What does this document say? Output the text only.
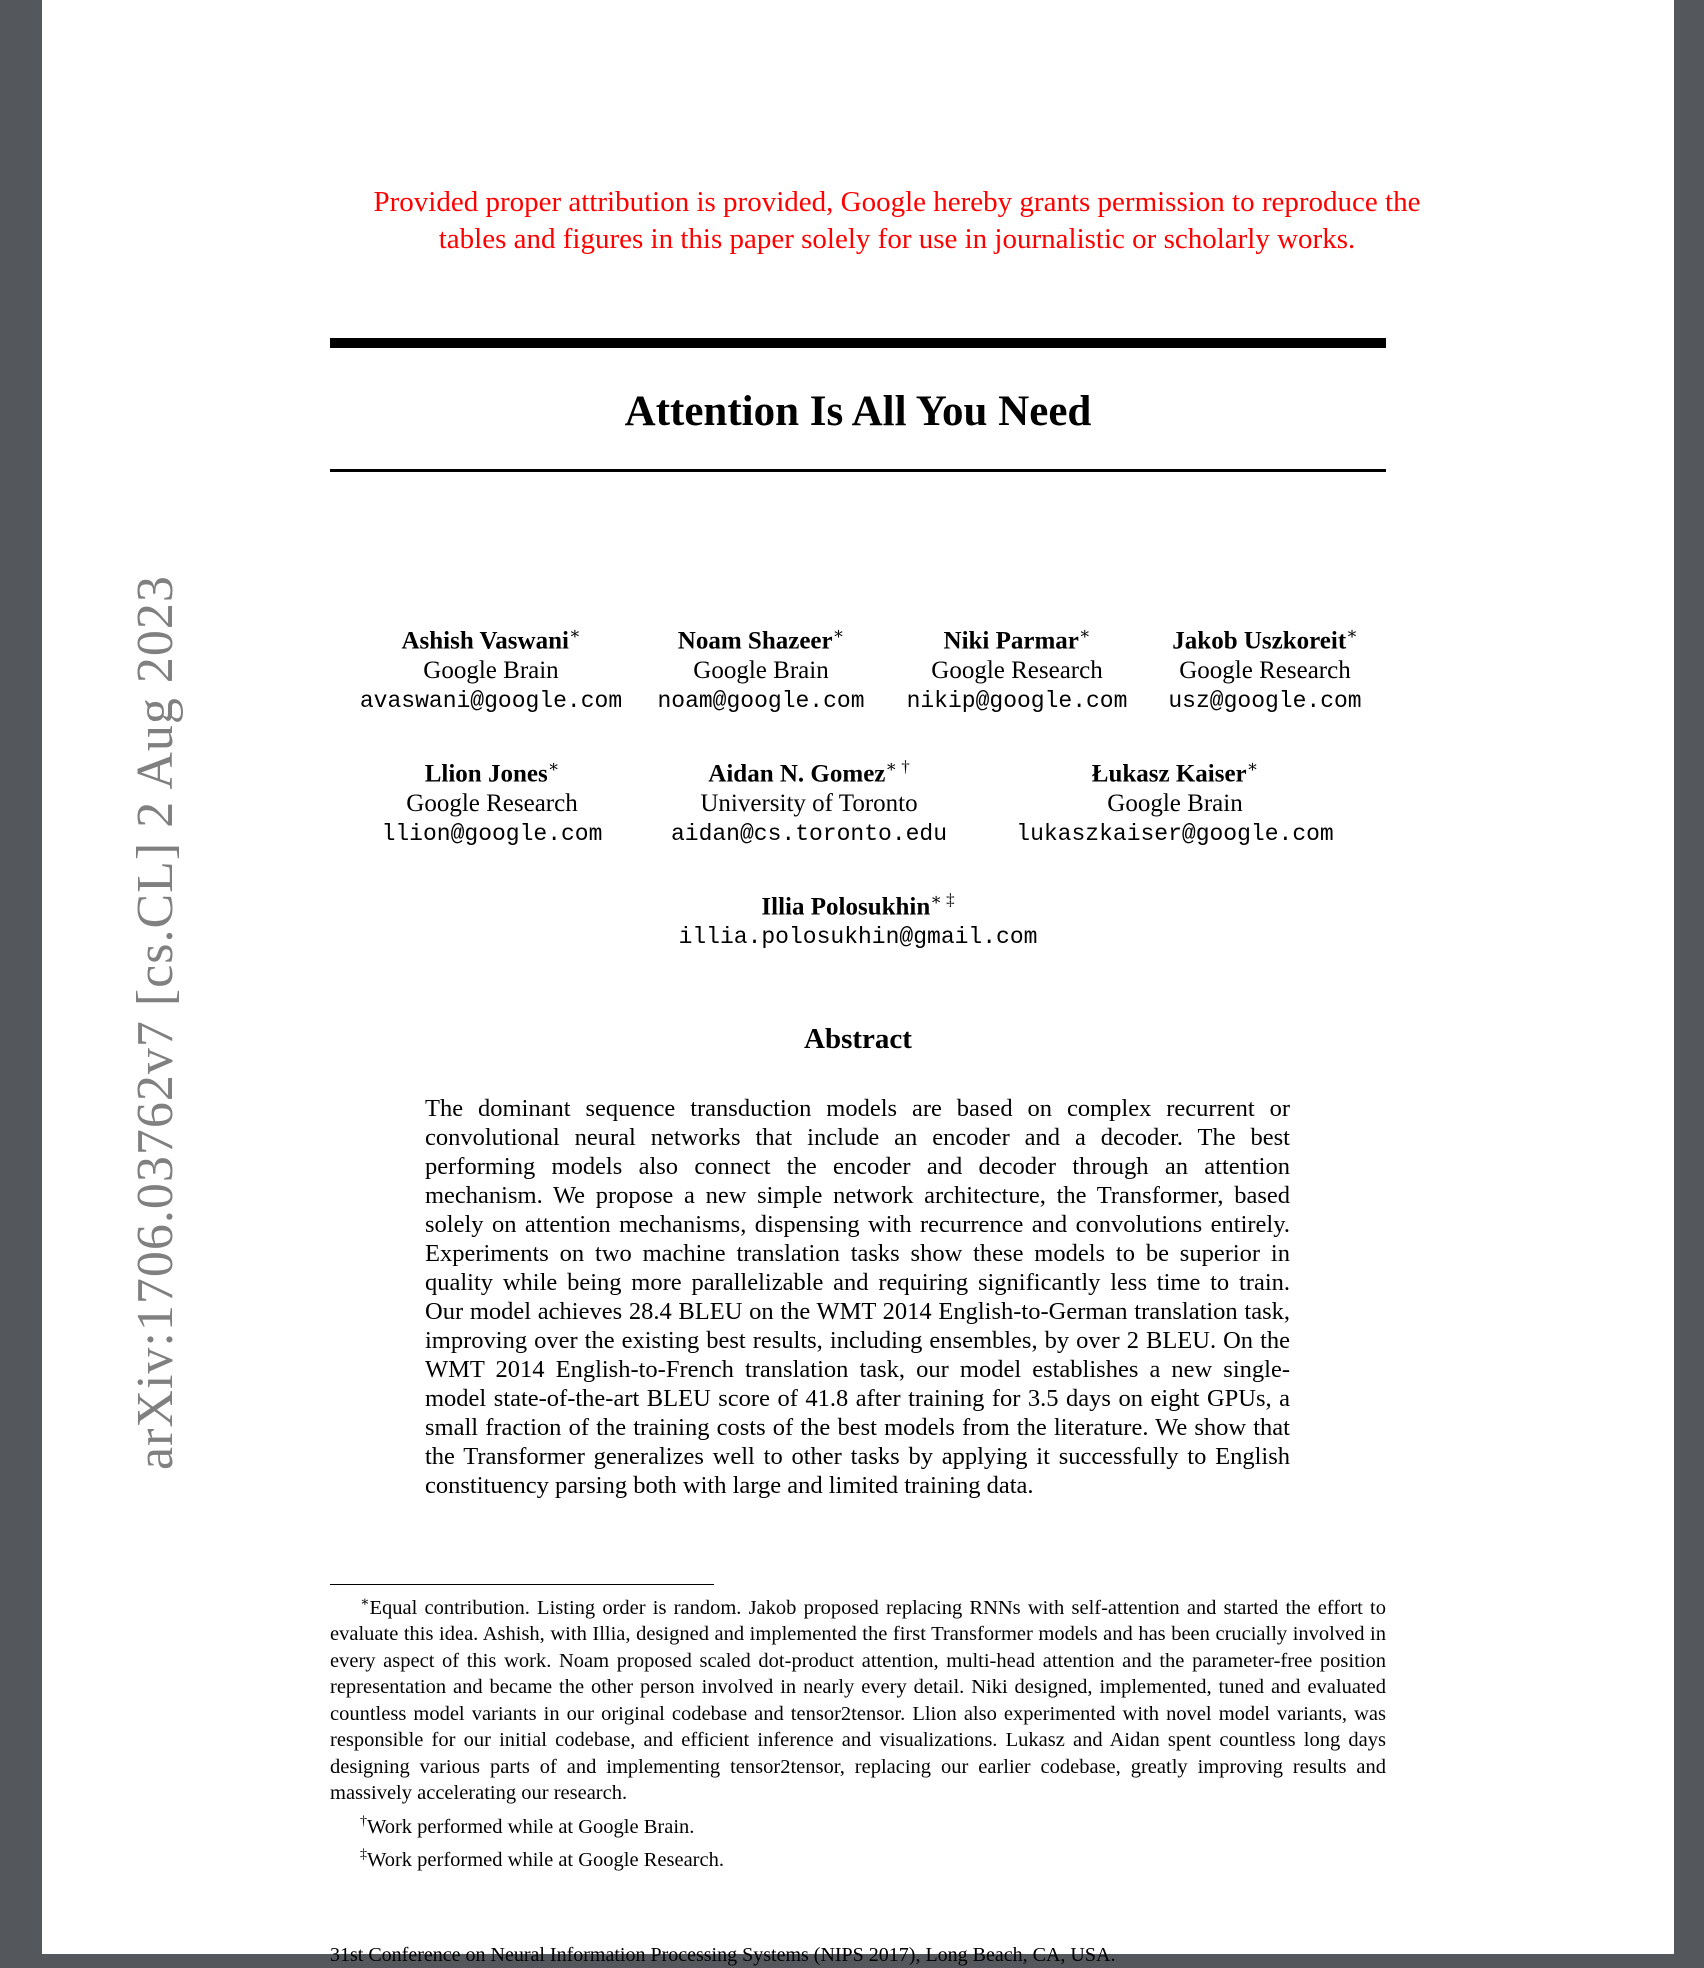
arXiv:1706.03762v7 [cs.CL] 2 Aug 2023
Provided proper attribution is provided, Google hereby grants permission to reproduce the tables and figures in this paper solely for use in journalistic or scholarly works.
Attention Is All You Need
Ashish Vaswani∗
Google Brain
avaswani@google.com
Noam Shazeer∗
Google Brain
noam@google.com
Niki Parmar∗
Google Research
nikip@google.com
Jakob Uszkoreit∗
Google Research
usz@google.com
Llion Jones∗
Google Research
llion@google.com
Aidan N. Gomez∗ †
University of Toronto
aidan@cs.toronto.edu
Łukasz Kaiser∗
Google Brain
lukaszkaiser@google.com
Illia Polosukhin∗ ‡
illia.polosukhin@gmail.com
Abstract
The dominant sequence transduction models are based on complex recurrent or convolutional neural networks that include an encoder and a decoder. The best performing models also connect the encoder and decoder through an attention mechanism. We propose a new simple network architecture, the Transformer, based solely on attention mechanisms, dispensing with recurrence and convolutions entirely. Experiments on two machine translation tasks show these models to be superior in quality while being more parallelizable and requiring significantly less time to train. Our model achieves 28.4 BLEU on the WMT 2014 English-to-German translation task, improving over the existing best results, including ensembles, by over 2 BLEU. On the WMT 2014 English-to-French translation task, our model establishes a new single-model state-of-the-art BLEU score of 41.8 after training for 3.5 days on eight GPUs, a small fraction of the training costs of the best models from the literature. We show that the Transformer generalizes well to other tasks by applying it successfully to English constituency parsing both with large and limited training data.

∗Equal contribution. Listing order is random. Jakob proposed replacing RNNs with self-attention and started the effort to evaluate this idea. Ashish, with Illia, designed and implemented the first Transformer models and has been crucially involved in every aspect of this work. Noam proposed scaled dot-product attention, multi-head attention and the parameter-free position representation and became the other person involved in nearly every detail. Niki designed, implemented, tuned and evaluated countless model variants in our original codebase and tensor2tensor. Llion also experimented with novel model variants, was responsible for our initial codebase, and efficient inference and visualizations. Lukasz and Aidan spent countless long days designing various parts of and implementing tensor2tensor, replacing our earlier codebase, greatly improving results and massively accelerating our research.

†Work performed while at Google Brain.

‡Work performed while at Google Research.

31st Conference on Neural Information Processing Systems (NIPS 2017), Long Beach, CA, USA.
